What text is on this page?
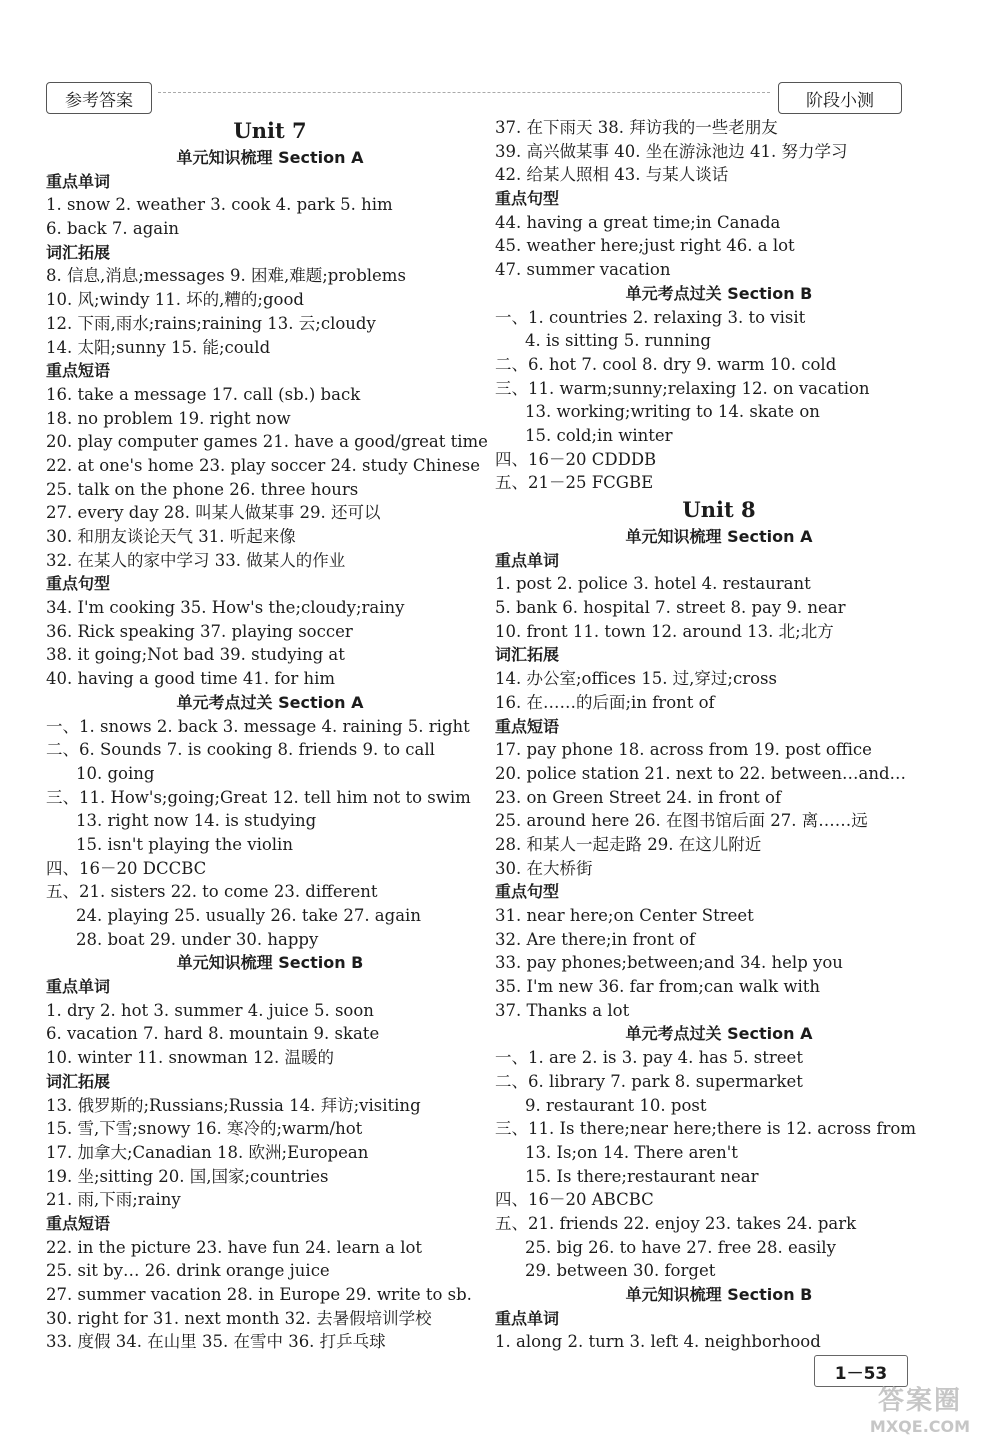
参考答案	阶段小测
Unit 7
单元知识梳理 Section A
重点单词
1. snow 2. weather 3. cook 4. park 5. him
6. back 7. again
词汇拓展
8. 信息,消息;messages 9. 困难,难题;problems
10. 风;windy 11. 坏的,糟的;good
12. 下雨,雨水;rains;raining 13. 云;cloudy
14. 太阳;sunny 15. 能;could
重点短语
16. take a message 17. call (sb.) back
18. no problem 19. right now
20. play computer games 21. have a good/great time
22. at one's home 23. play soccer 24. study Chinese
25. talk on the phone 26. three hours
27. every day 28. 叫某人做某事 29. 还可以
30. 和朋友谈论天气 31. 听起来像
32. 在某人的家中学习 33. 做某人的作业
重点句型
34. I'm cooking 35. How's the;cloudy;rainy
36. Rick speaking 37. playing soccer
38. it going;Not bad 39. studying at
40. having a good time 41. for him
单元考点过关 Section A
一、1. snows 2. back 3. message 4. raining 5. right
二、6. Sounds 7. is cooking 8. friends 9. to call
10. going
三、11. How's;going;Great 12. tell him not to swim
13. right now 14. is studying
15. isn't playing the violin
四、16－20 DCCBC
五、21. sisters 22. to come 23. different
24. playing 25. usually 26. take 27. again
28. boat 29. under 30. happy
单元知识梳理 Section B
重点单词
1. dry 2. hot 3. summer 4. juice 5. soon
6. vacation 7. hard 8. mountain 9. skate
10. winter 11. snowman 12. 温暖的
词汇拓展
13. 俄罗斯的;Russians;Russia 14. 拜访;visiting
15. 雪,下雪;snowy 16. 寒冷的;warm/hot
17. 加拿大;Canadian 18. 欧洲;European
19. 坐;sitting 20. 国,国家;countries
21. 雨,下雨;rainy
重点短语
22. in the picture 23. have fun 24. learn a lot
25. sit by… 26. drink orange juice
27. summer vacation 28. in Europe 29. write to sb.
30. right for 31. next month 32. 去暑假培训学校
33. 度假 34. 在山里 35. 在雪中 36. 打乒乓球
37. 在下雨天 38. 拜访我的一些老朋友
39. 高兴做某事 40. 坐在游泳池边 41. 努力学习
42. 给某人照相 43. 与某人谈话
重点句型
44. having a great time;in Canada
45. weather here;just right 46. a lot
47. summer vacation
单元考点过关 Section B
一、1. countries 2. relaxing 3. to visit
4. is sitting 5. running
二、6. hot 7. cool 8. dry 9. warm 10. cold
三、11. warm;sunny;relaxing 12. on vacation
13. working;writing to 14. skate on
15. cold;in winter
四、16－20 CDDDB
五、21－25 FCGBE
Unit 8
单元知识梳理 Section A
重点单词
1. post 2. police 3. hotel 4. restaurant
5. bank 6. hospital 7. street 8. pay 9. near
10. front 11. town 12. around 13. 北;北方
词汇拓展
14. 办公室;offices 15. 过,穿过;cross
16. 在……的后面;in front of
重点短语
17. pay phone 18. across from 19. post office
20. police station 21. next to 22. between…and…
23. on Green Street 24. in front of
25. around here 26. 在图书馆后面 27. 离……远
28. 和某人一起走路 29. 在这儿附近
30. 在大桥街
重点句型
31. near here;on Center Street
32. Are there;in front of
33. pay phones;between;and 34. help you
35. I'm new 36. far from;can walk with
37. Thanks a lot
单元考点过关 Section A
一、1. are 2. is 3. pay 4. has 5. street
二、6. library 7. park 8. supermarket
9. restaurant 10. post
三、11. Is there;near here;there is 12. across from
13. Is;on 14. There aren't
15. Is there;restaurant near
四、16－20 ABCBC
五、21. friends 22. enjoy 23. takes 24. park
25. big 26. to have 27. free 28. easily
29. between 30. forget
单元知识梳理 Section B
重点单词
1. along 2. turn 3. left 4. neighborhood
1－53
答案圈
MXQE.COM
